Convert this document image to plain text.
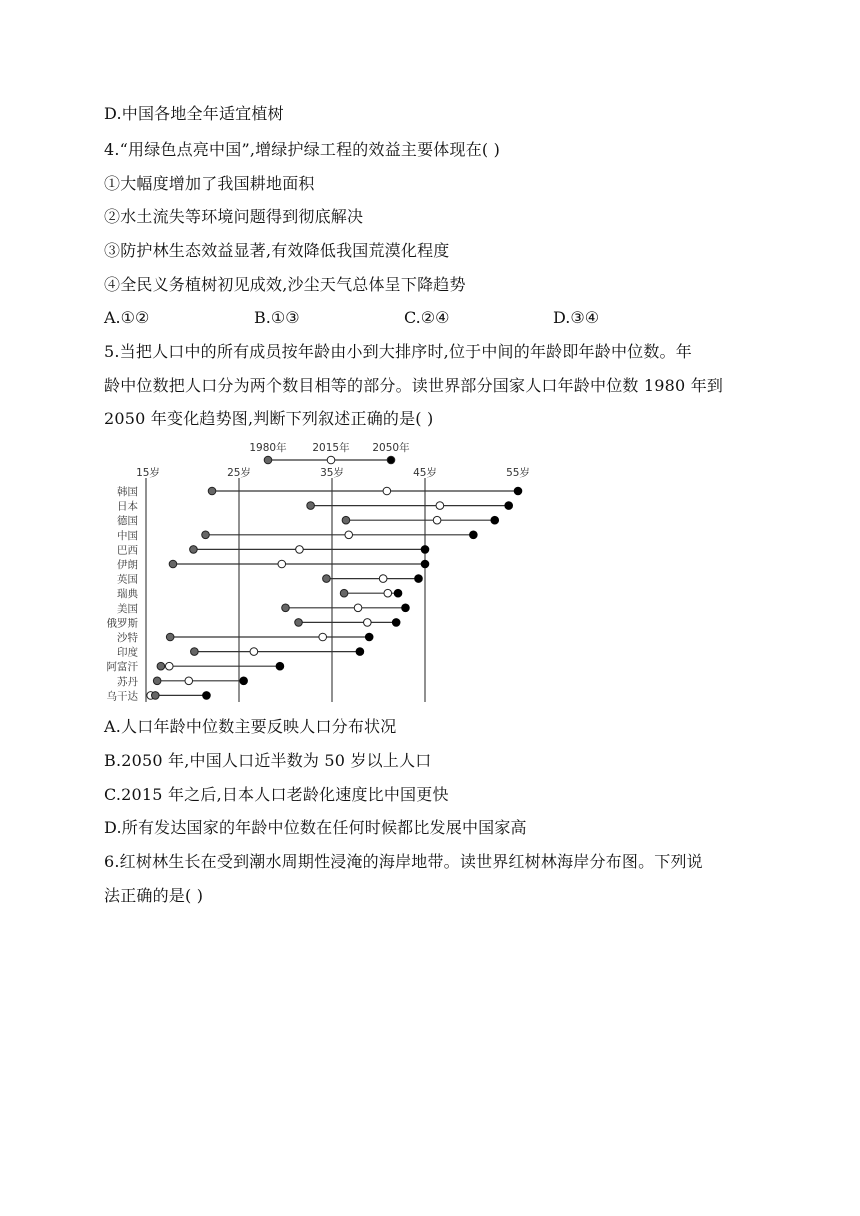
D.中国各地全年适宜植树
4.“用绿色点亮中国”,增绿护绿工程的效益主要体现在( )
①大幅度增加了我国耕地面积
②水土流失等环境问题得到彻底解决
③防护林生态效益显著,有效降低我国荒漠化程度
④全民义务植树初见成效,沙尘天气总体呈下降趋势
A.①②	B.①③	C.②④	D.③④
5.当把人口中的所有成员按年龄由小到大排序时,位于中间的年龄即年龄中位数。年
龄中位数把人口分为两个数目相等的部分。读世界部分国家人口年龄中位数 1980 年到
2050 年变化趋势图,判断下列叙述正确的是( )
15岁	25岁	35岁	45岁	55岁
1980年 2015年 2050年
韩国
日本
德国
中国
巴西
伊朗
英国
瑞典
美国
俄罗斯
沙特
印度
阿富汗
苏丹
乌干达
A.人口年龄中位数主要反映人口分布状况
B.2050 年,中国人口近半数为 50 岁以上人口
C.2015 年之后,日本人口老龄化速度比中国更快
D.所有发达国家的年龄中位数在任何时候都比发展中国家高
6.红树林生长在受到潮水周期性浸淹的海岸地带。读世界红树林海岸分布图。下列说
法正确的是( )
